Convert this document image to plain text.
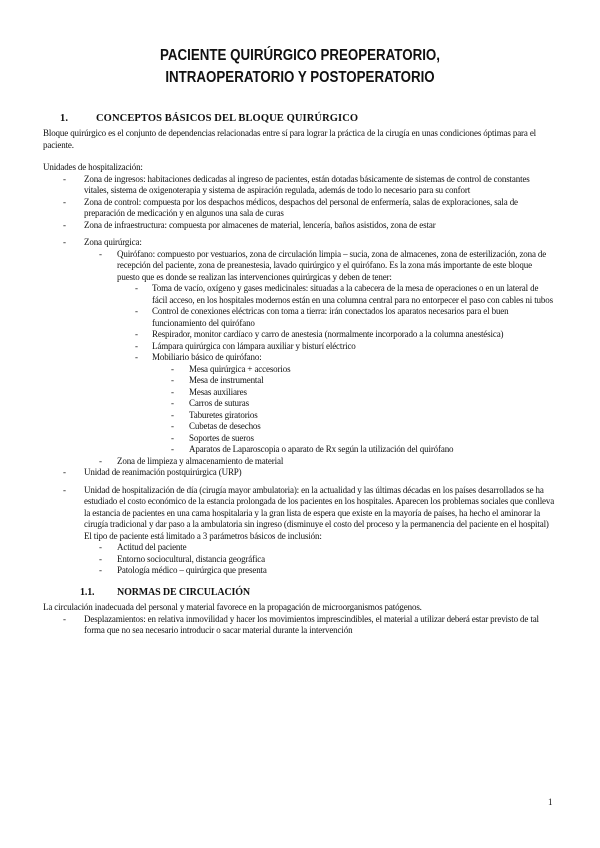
PACIENTE QUIRÚRGICO PREOPERATORIO,
INTRAOPERATORIO Y POSTOPERATORIO
1.	CONCEPTOS BÁSICOS DEL BLOQUE QUIRÚRGICO

Bloque quirúrgico es el conjunto de dependencias relacionadas entre sí para lograr la práctica de la cirugía en unas condiciones óptimas para el paciente.

Unidades de hospitalización:

- Zona de ingresos: habitaciones dedicadas al ingreso de pacientes, están dotadas básicamente de sistemas de control de constantes vitales, sistema de oxigenoterapia y sistema de aspiración regulada, además de todo lo necesario para su confort
- Zona de control: compuesta por los despachos médicos, despachos del personal de enfermería, salas de exploraciones, sala de preparación de medicación y en algunos una sala de curas
- Zona de infraestructura: compuesta por almacenes de material, lencería, baños asistidos, zona de estar
- Zona quirúrgica:
- Quirófano: compuesto por vestuarios, zona de circulación limpia – sucia, zona de almacenes, zona de esterilización, zona de recepción del paciente, zona de preanestesia, lavado quirúrgico y el quirófano. Es la zona más importante de este bloque puesto que es donde se realizan las intervenciones quirúrgicas y deben de tener:
- Toma de vacío, oxígeno y gases medicinales: situadas a la cabecera de la mesa de operaciones o en un lateral de fácil acceso, en los hospitales modernos están en una columna central para no entorpecer el paso con cables ni tubos
- Control de conexiones eléctricas con toma a tierra: irán conectados los aparatos necesarios para el buen funcionamiento del quirófano
- Respirador, monitor cardíaco y carro de anestesia (normalmente incorporado a la columna anestésica)
- Lámpara quirúrgica con lámpara auxiliar y bisturí eléctrico
- Mobiliario básico de quirófano:
- Mesa quirúrgica + accesorios
- Mesa de instrumental
- Mesas auxiliares
- Carros de suturas
- Taburetes giratorios
- Cubetas de desechos
- Soportes de sueros
- Aparatos de Laparoscopia o aparato de Rx según la utilización del quirófano
- Zona de limpieza y almacenamiento de material
- Unidad de reanimación postquirúrgica (URP)
- Unidad de hospitalización de día (cirugía mayor ambulatoria): en la actualidad y las últimas décadas en los países desarrollados se ha estudiado el costo económico de la estancia prolongada de los pacientes en los hospitales. Aparecen los problemas sociales que conlleva la estancia de pacientes en una cama hospitalaria y la gran lista de espera que existe en la mayoría de países, ha hecho el aminorar la cirugía tradicional y dar paso a la ambulatoria sin ingreso (disminuye el costo del proceso y la permanencia del paciente en el hospital)

El tipo de paciente está limitado a 3 parámetros básicos de inclusión:

- Actitud del paciente
- Entorno sociocultural, distancia geográfica
- Patología médico – quirúrgica que presenta
1.1. NORMAS DE CIRCULACIÓN

La circulación inadecuada del personal y material favorece en la propagación de microorganismos patógenos.

- Desplazamientos: en relativa inmovilidad y hacer los movimientos imprescindibles, el material a utilizar deberá estar previsto de tal forma que no sea necesario introducir o sacar material durante la intervención
1
